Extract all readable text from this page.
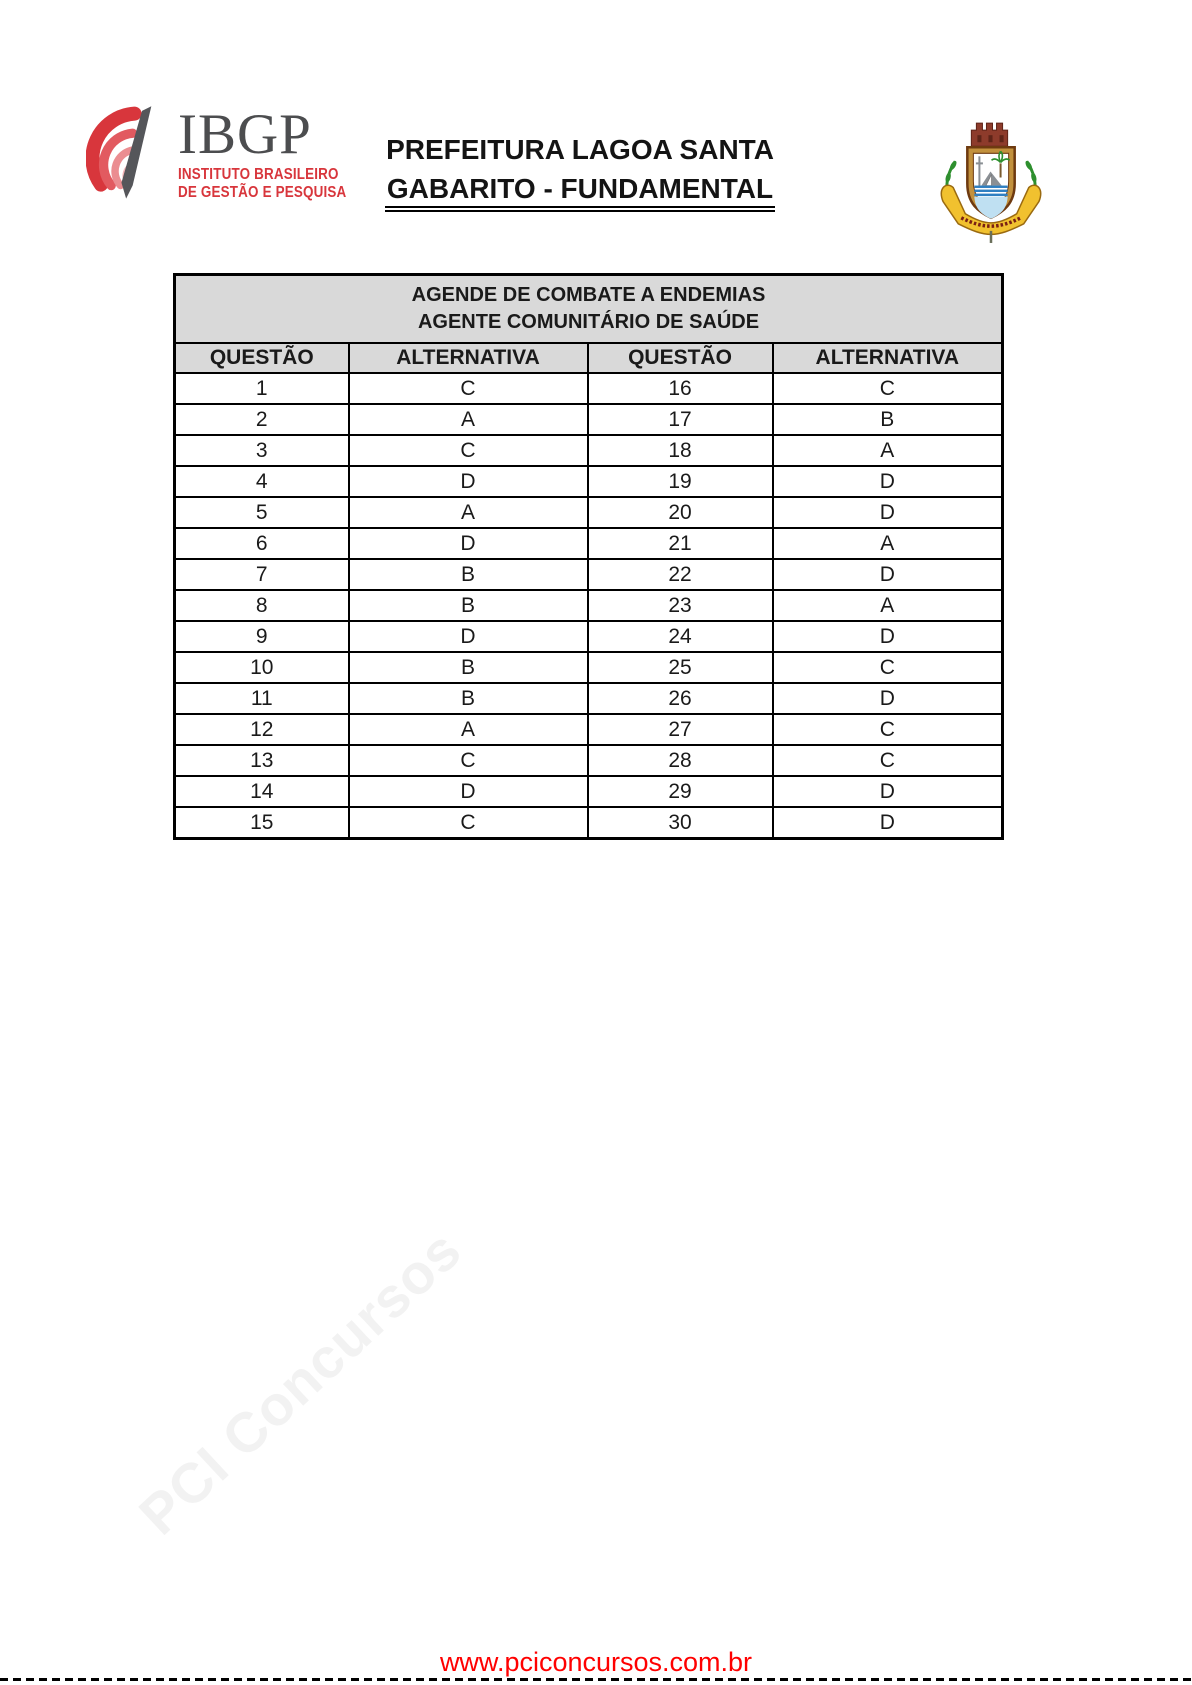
IBGP
INSTITUTO BRASILEIRO
DE GESTÃO E PESQUISA
PREFEITURA LAGOA SANTA
GABARITO - FUNDAMENTAL
AGENDE DE COMBATE A ENDEMIAS
AGENTE COMUNITÁRIO DE SAÚDE			

QUESTÃO	ALTERNATIVA	QUESTÃO	ALTERNATIVA
1	C	16	C
2	A	17	B
3	C	18	A
4	D	19	D
5	A	20	D
6	D	21	A
7	B	22	D
8	B	23	A
9	D	24	D
10	B	25	C
11	B	26	D
12	A	27	C
13	C	28	C
14	D	29	D
15	C	30	D
PCI Concursos
www.pciconcursos.com.br
